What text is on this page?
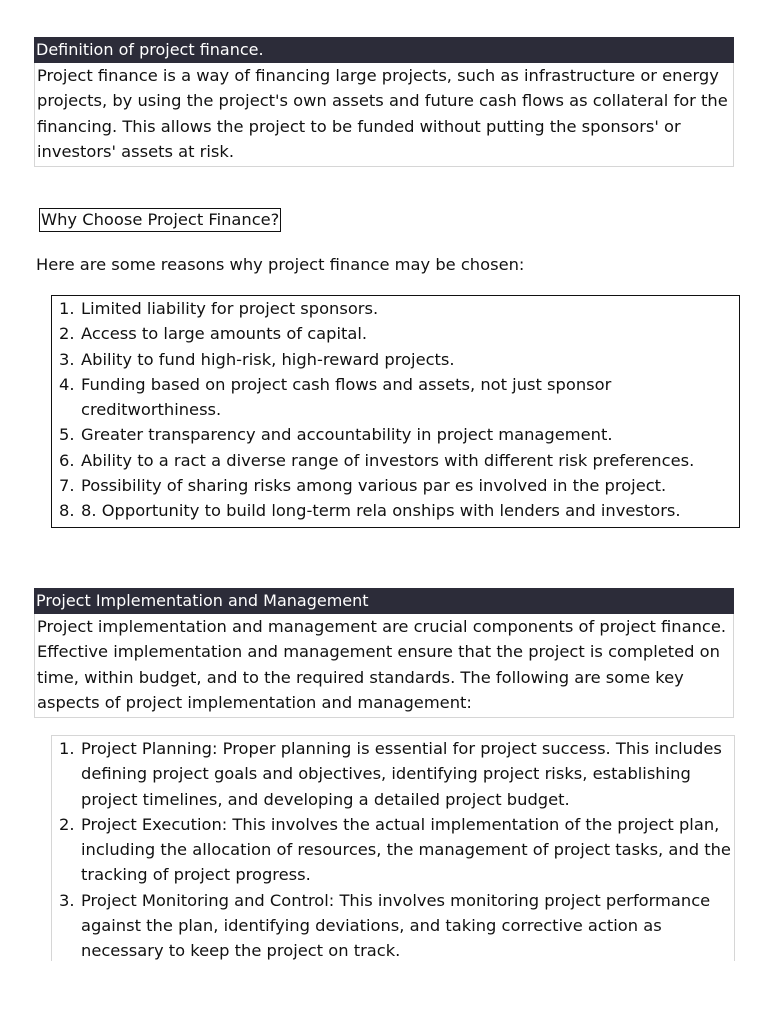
Definition of project finance.
Project finance is a way of financing large projects, such as infrastructure or energy projects, by using the project's own assets and future cash flows as collateral for the financing. This allows the project to be funded without putting the sponsors' or investors' assets at risk.
Why Choose Project Finance?
Here are some reasons why project finance may be chosen:
1. Limited liability for project sponsors.
2. Access to large amounts of capital.
3. Ability to fund high-risk, high-reward projects.
4. Funding based on project cash flows and assets, not just sponsor creditworthiness.
5. Greater transparency and accountability in project management.
6. Ability to a ract a diverse range of investors with different risk preferences.
7. Possibility of sharing risks among various par es involved in the project.
8. 8. Opportunity to build long-term rela onships with lenders and investors.
Project Implementation and Management
Project implementation and management are crucial components of project finance. Effective implementation and management ensure that the project is completed on time, within budget, and to the required standards. The following are some key aspects of project implementation and management:
1. Project Planning: Proper planning is essential for project success. This includes defining project goals and objectives, identifying project risks, establishing project timelines, and developing a detailed project budget.
2. Project Execution: This involves the actual implementation of the project plan, including the allocation of resources, the management of project tasks, and the tracking of project progress.
3. Project Monitoring and Control: This involves monitoring project performance against the plan, identifying deviations, and taking corrective action as necessary to keep the project on track.
